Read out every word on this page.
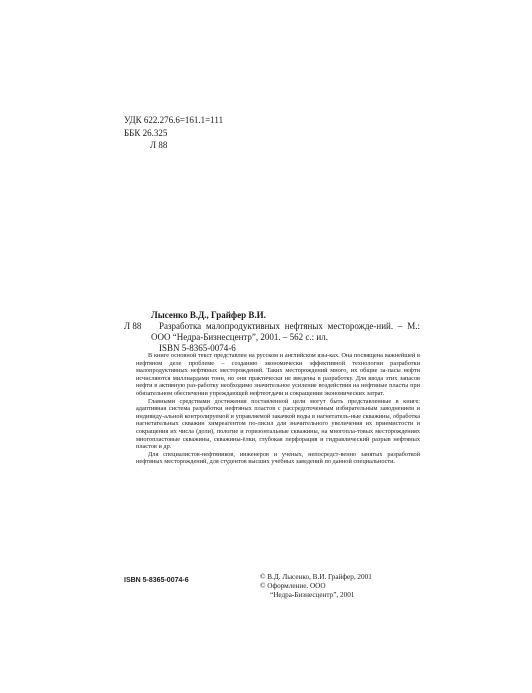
УДК 622.276.6=161.1=111
ББК 26.325
Л 88
Л 88
Лысенко В.Д., Грайфер В.И.
Разработка малопродуктивных нефтяных месторожде-ний. – М.: ООО “Недра-Бизнесцентр”, 2001. – 562 с.: ил.
ISBN 5-8365-0074-6

В книге основной текст представлен на русском и английском язы-ках. Она посвящена важнейшей в нефтяном деле проблеме – созданию экономически эффективной технологии разработки малопродуктивных нефтяных месторождений. Таких месторождений много, их общие за-пасы нефти исчисляются миллиардами тонн, но они практически не введены в разработку. Для ввода этих запасов нефти в активную раз-работку необходимо значительное усиление воздействия на нефтяные пласты при обязательном обеспечении упреждающей нефтеотдачи и сокращении экономических затрат.

Главными средствами достижения поставленной цели могут быть представленные в книге: адаптивная система разработки нефтяных пластов с рассредоточенным избирательным заводнением и индивиду-альной контролируемой и управляемой закачкой воды в нагнетатель-ные скважины, обработка нагнетательных скважин химреагентом по-лисил для значительного увеличения их приемистости и сокращения их числа (доли), пологие и горизонтальные скважины, на многопла-товых месторождениях многопластовые скважины, скважины-ёлки, глубокая перфорация и гидравлический разрыв нефтяных пластов и др.

Для специалистов-нефтяников, инженеров и ученых, непосредст-венно занятых разработкой нефтяных месторождений, для студентов высших учебных заведений по данной специальности.

ISBN 5-8365-0074-6	© В.Д. Лысенко, В.И. Грайфер, 2001
© Оформление. ООО
“Недра-Бизнесцентр”, 2001
